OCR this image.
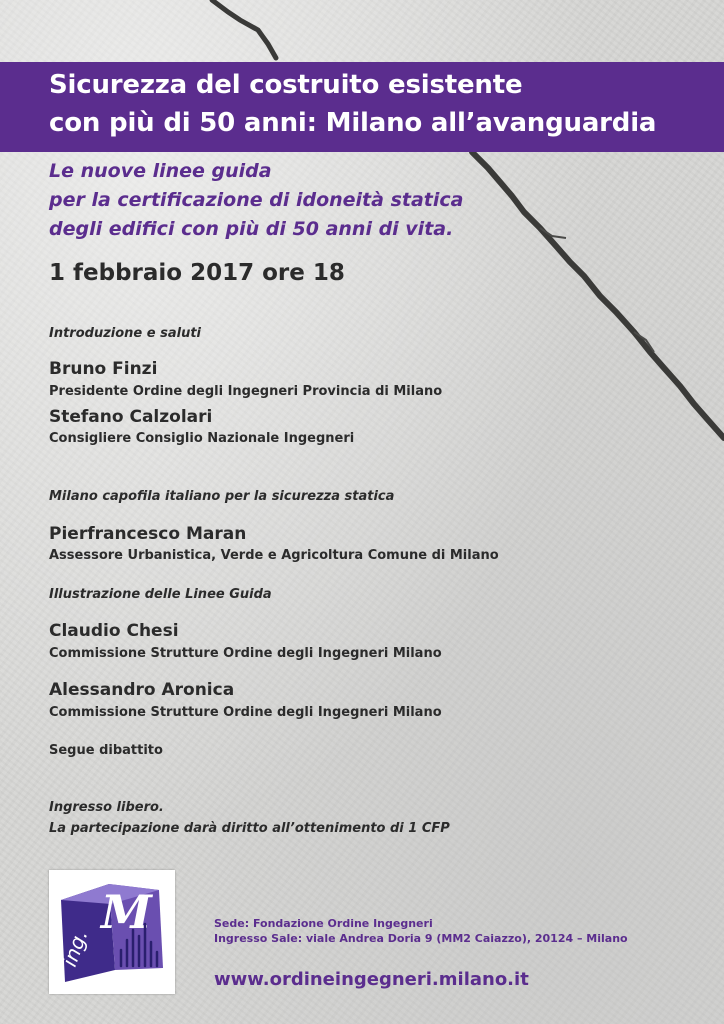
Sicurezza del costruito esistente
con più di 50 anni: Milano all’avanguardia
Le nuove linee guida
per la certificazione di idoneità statica
degli edifici con più di 50 anni di vita.
1 febbraio 2017 ore 18
Introduzione e saluti
Bruno Finzi
Presidente Ordine degli Ingegneri Provincia di Milano
Stefano Calzolari
Consigliere Consiglio Nazionale Ingegneri
Milano capofila italiano per la sicurezza statica
Pierfrancesco Maran
Assessore Urbanistica, Verde e Agricoltura Comune di Milano
Illustrazione delle Linee Guida
Claudio Chesi
Commissione Strutture Ordine degli Ingegneri Milano
Alessandro Aronica
Commissione Strutture Ordine degli Ingegneri Milano
Segue dibattito
Ingresso libero.
La partecipazione darà diritto all’ottenimento di 1 CFP
ing.
M	Sede: Fondazione Ordine Ingegneri
Ingresso Sale: viale Andrea Doria 9 (MM2 Caiazzo), 20124 – Milano
www.ordineingegneri.milano.it
